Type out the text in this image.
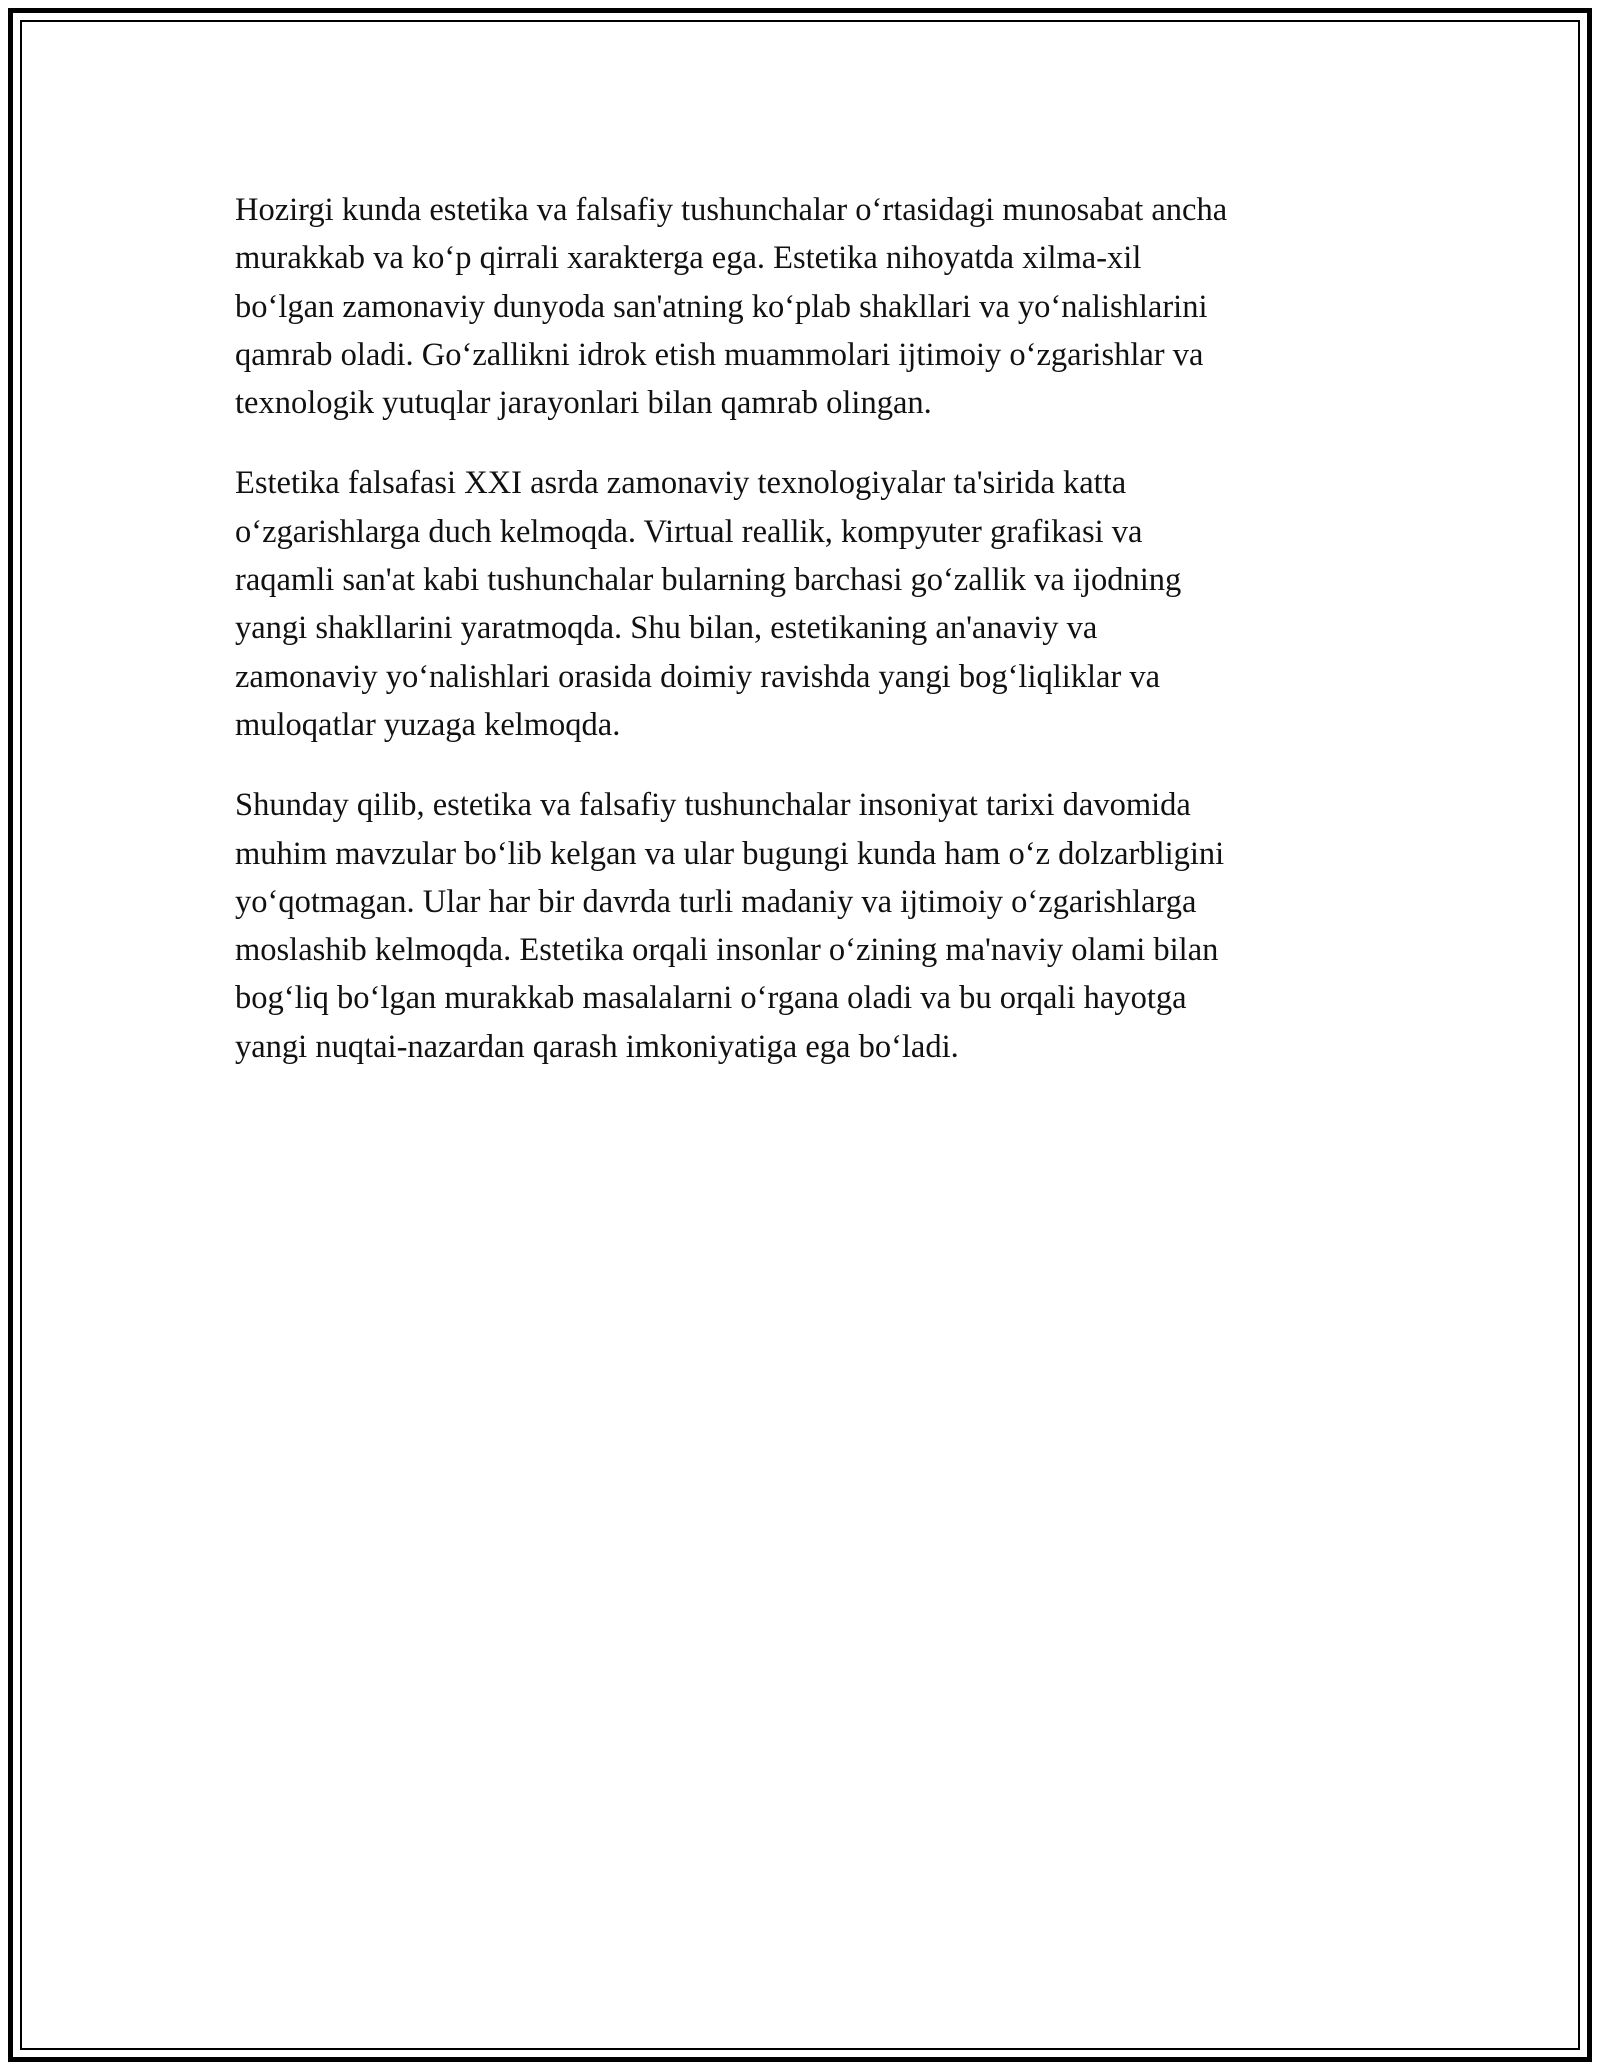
Hozirgi kunda estetika va falsafiy tushunchalar o‘rtasidagi munosabat ancha
murakkab va ko‘p qirrali xarakterga ega. Estetika nihoyatda xilma-xil
bo‘lgan zamonaviy dunyoda san'atning ko‘plab shakllari va yo‘nalishlarini
qamrab oladi. Go‘zallikni idrok etish muammolari ijtimoiy o‘zgarishlar va
texnologik yutuqlar jarayonlari bilan qamrab olingan.

Estetika falsafasi XXI asrda zamonaviy texnologiyalar ta'sirida katta
o‘zgarishlarga duch kelmoqda. Virtual reallik, kompyuter grafikasi va
raqamli san'at kabi tushunchalar bularning barchasi go‘zallik va ijodning
yangi shakllarini yaratmoqda. Shu bilan, estetikaning an'anaviy va
zamonaviy yo‘nalishlari orasida doimiy ravishda yangi bog‘liqliklar va
muloqatlar yuzaga kelmoqda.

Shunday qilib, estetika va falsafiy tushunchalar insoniyat tarixi davomida
muhim mavzular bo‘lib kelgan va ular bugungi kunda ham o‘z dolzarbligini
yo‘qotmagan. Ular har bir davrda turli madaniy va ijtimoiy o‘zgarishlarga
moslashib kelmoqda. Estetika orqali insonlar o‘zining ma'naviy olami bilan
bog‘liq bo‘lgan murakkab masalalarni o‘rgana oladi va bu orqali hayotga
yangi nuqtai-nazardan qarash imkoniyatiga ega bo‘ladi.
